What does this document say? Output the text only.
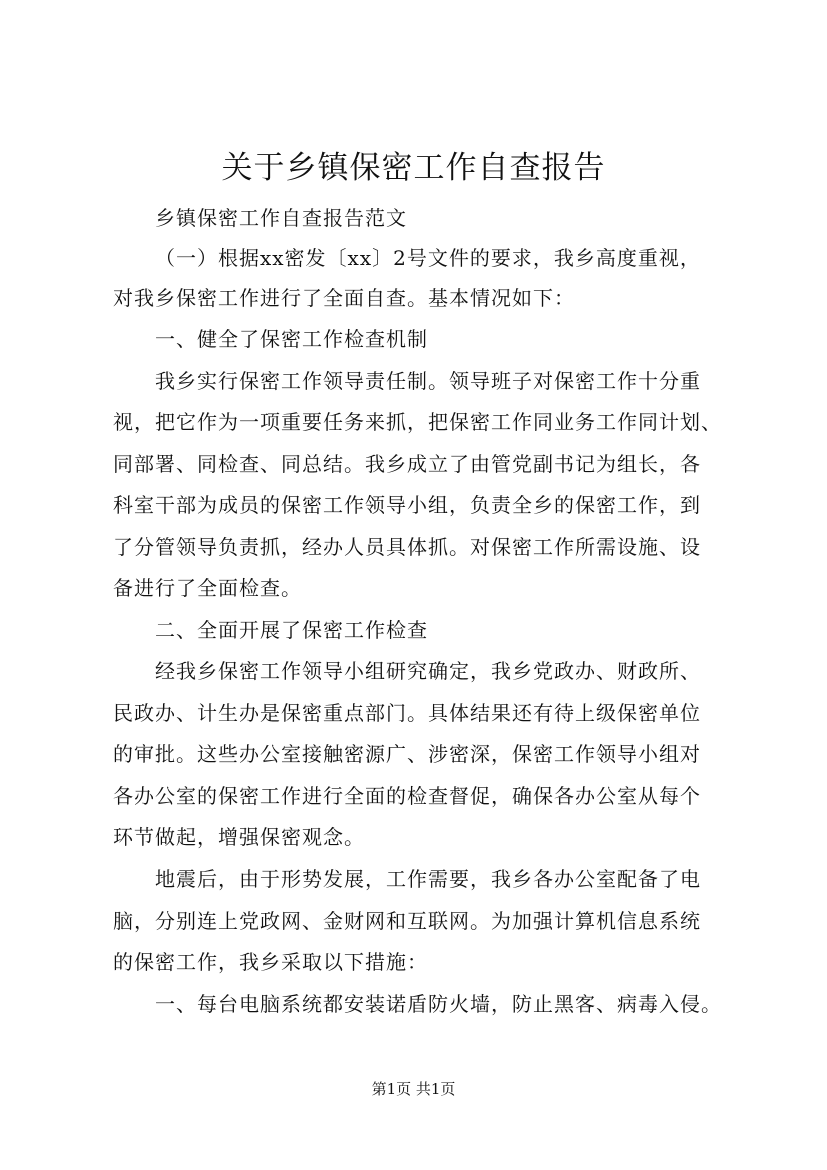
关于乡镇保密工作自查报告
乡镇保密工作自查报告范文
（一）根据xx密发〔xx〕2号文件的要求，我乡高度重视，
对我乡保密工作进行了全面自查。基本情况如下：
一、健全了保密工作检查机制
我乡实行保密工作领导责任制。领导班子对保密工作十分重
视，把它作为一项重要任务来抓，把保密工作同业务工作同计划、
同部署、同检查、同总结。我乡成立了由管党副书记为组长，各
科室干部为成员的保密工作领导小组，负责全乡的保密工作，到
了分管领导负责抓，经办人员具体抓。对保密工作所需设施、设
备进行了全面检查。
二、全面开展了保密工作检查
经我乡保密工作领导小组研究确定，我乡党政办、财政所、
民政办、计生办是保密重点部门。具体结果还有待上级保密单位
的审批。这些办公室接触密源广、涉密深，保密工作领导小组对
各办公室的保密工作进行全面的检查督促，确保各办公室从每个
环节做起，增强保密观念。
地震后，由于形势发展，工作需要，我乡各办公室配备了电
脑，分别连上党政网、金财网和互联网。为加强计算机信息系统
的保密工作，我乡采取以下措施：
一、每台电脑系统都安装诺盾防火墙，防止黑客、病毒入侵。
第1页 共1页
